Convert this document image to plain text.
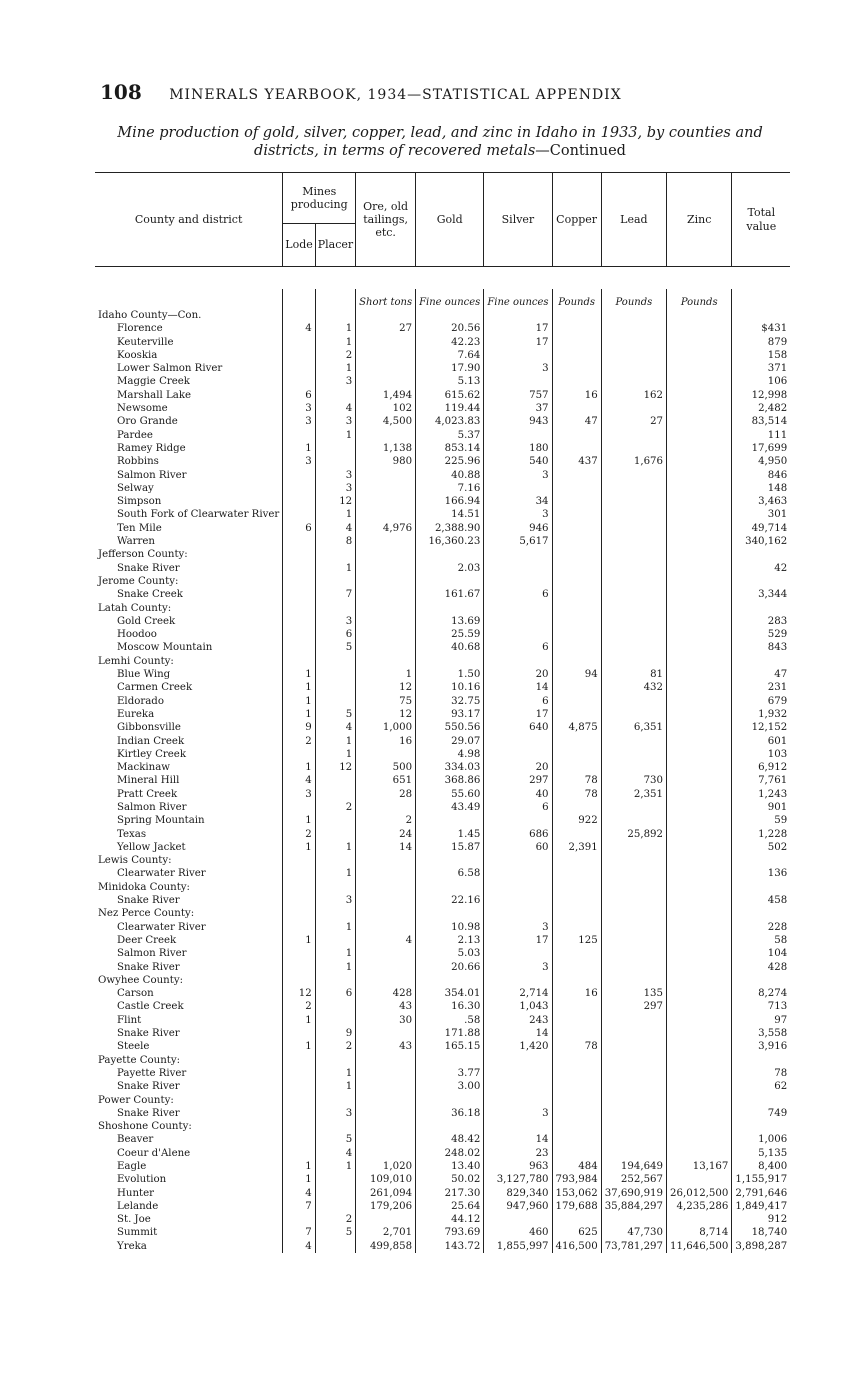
108 MINERALS YEARBOOK, 1934—STATISTICAL APPENDIX
Mine production of gold, silver, copper, lead, and zinc in Idaho in 1933, by counties and districts, in terms of recovered metals—Continued
County and district	Mines producing		Ore, old tailings, etc.	Gold	Silver	Copper	Lead	Zinc	Total value
	Lode	Placer							

			Short tons	Fine ounces	Fine ounces	Pounds	Pounds	Pounds	
Idaho County—Con.									
Florence	4	1	27	20.56	17				$431
Keuterville		1		42.23	17				879
Kooskia		2		7.64					158
Lower Salmon River		1		17.90	3				371
Maggie Creek		3		5.13					106
Marshall Lake	6		1,494	615.62	757	16	162		12,998
Newsome	3	4	102	119.44	37				2,482
Oro Grande	3	3	4,500	4,023.83	943	47	27		83,514
Pardee		1		5.37					111
Ramey Ridge	1		1,138	853.14	180				17,699
Robbins	3		980	225.96	540	437	1,676		4,950
Salmon River		3		40.88	3				846
Selway		3		7.16					148
Simpson		12		166.94	34				3,463
South Fork of Clearwater River		1		14.51	3				301
Ten Mile	6	4	4,976	2,388.90	946				49,714
Warren		8		16,360.23	5,617				340,162
Jefferson County:									
Snake River		1		2.03					42
Jerome County:									
Snake Creek		7		161.67	6				3,344
Latah County:									
Gold Creek		3		13.69					283
Hoodoo		6		25.59					529
Moscow Mountain		5		40.68	6				843
Lemhi County:									
Blue Wing	1		1	1.50	20	94	81		47
Carmen Creek	1		12	10.16	14		432		231
Eldorado	1		75	32.75	6				679
Eureka	1	5	12	93.17	17				1,932
Gibbonsville	9	4	1,000	550.56	640	4,875	6,351		12,152
Indian Creek	2	1	16	29.07					601
Kirtley Creek		1		4.98					103
Mackinaw	1	12	500	334.03	20				6,912
Mineral Hill	4		651	368.86	297	78	730		7,761
Pratt Creek	3		28	55.60	40	78	2,351		1,243
Salmon River		2		43.49	6				901
Spring Mountain	1		2			922			59
Texas	2		24	1.45	686		25,892		1,228
Yellow Jacket	1	1	14	15.87	60	2,391			502
Lewis County:									
Clearwater River		1		6.58					136
Minidoka County:									
Snake River		3		22.16					458
Nez Perce County:									
Clearwater River		1		10.98	3				228
Deer Creek	1		4	2.13	17	125			58
Salmon River		1		5.03					104
Snake River		1		20.66	3				428
Owyhee County:									
Carson	12	6	428	354.01	2,714	16	135		8,274
Castle Creek	2		43	16.30	1,043		297		713
Flint	1		30	.58	243				97
Snake River		9		171.88	14				3,558
Steele	1	2	43	165.15	1,420	78			3,916
Payette County:									
Payette River		1		3.77					78
Snake River		1		3.00					62
Power County:									
Snake River		3		36.18	3				749
Shoshone County:									
Beaver		5		48.42	14				1,006
Coeur d'Alene		4		248.02	23				5,135
Eagle	1	1	1,020	13.40	963	484	194,649	13,167	8,400
Evolution	1		109,010	50.02	3,127,780	793,984	252,567		1,155,917
Hunter	4		261,094	217.30	829,340	153,062	37,690,919	26,012,500	2,791,646
Lelande	7		179,206	25.64	947,960	179,688	35,884,297	4,235,286	1,849,417
St. Joe		2		44.12					912
Summit	7	5	2,701	793.69	460	625	47,730	8,714	18,740
Yreka	4		499,858	143.72	1,855,997	416,500	73,781,297	11,646,500	3,898,287
